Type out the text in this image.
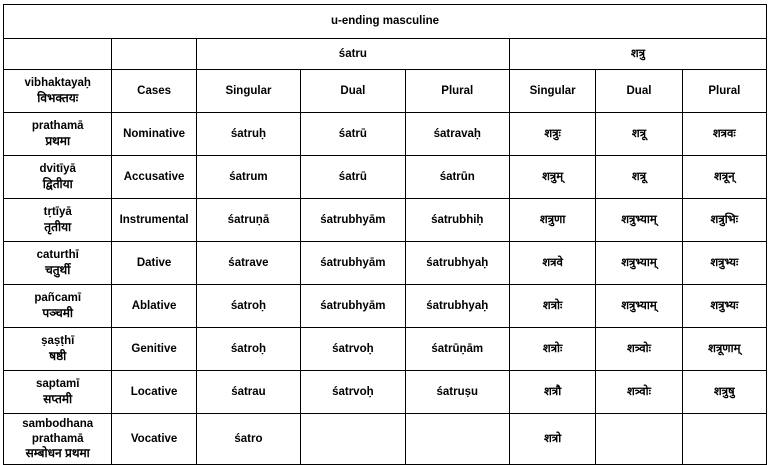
u-ending masculine							
		śatru			शत्रु		

vibhaktayaḥ
विभक्तयः	Cases	Singular	Dual	Plural	Singular	Dual	Plural

prathamā
प्रथमा	Nominative	śatruḥ	śatrū	śatravaḥ	शत्रुः	शत्रू	शत्रवः

dvitīyā
द्वितीया	Accusative	śatrum	śatrū	śatrūn	शत्रुम्	शत्रू	शत्रून्

tṛtīyā
तृतीया	Instrumental	śatruṇā	śatrubhyām	śatrubhiḥ	शत्रुणा	शत्रुभ्याम्	शत्रुभिः

caturthī
चतुर्थी	Dative	śatrave	śatrubhyām	śatrubhyaḥ	शत्रवे	शत्रुभ्याम्	शत्रुभ्यः

pañcamī
पञ्चमी	Ablative	śatroḥ	śatrubhyām	śatrubhyaḥ	शत्रोः	शत्रुभ्याम्	शत्रुभ्यः

ṣaṣṭhī
षष्ठी	Genitive	śatroḥ	śatrvoḥ	śatrūṇām	शत्रोः	शत्र्वोः	शत्रूणाम्

saptamī
सप्तमी	Locative	śatrau	śatrvoḥ	śatruṣu	शत्रौ	शत्र्वोः	शत्रुषु

sambodhana prathamā
सम्बोधन प्रथमा	Vocative	śatro			शत्रो		
